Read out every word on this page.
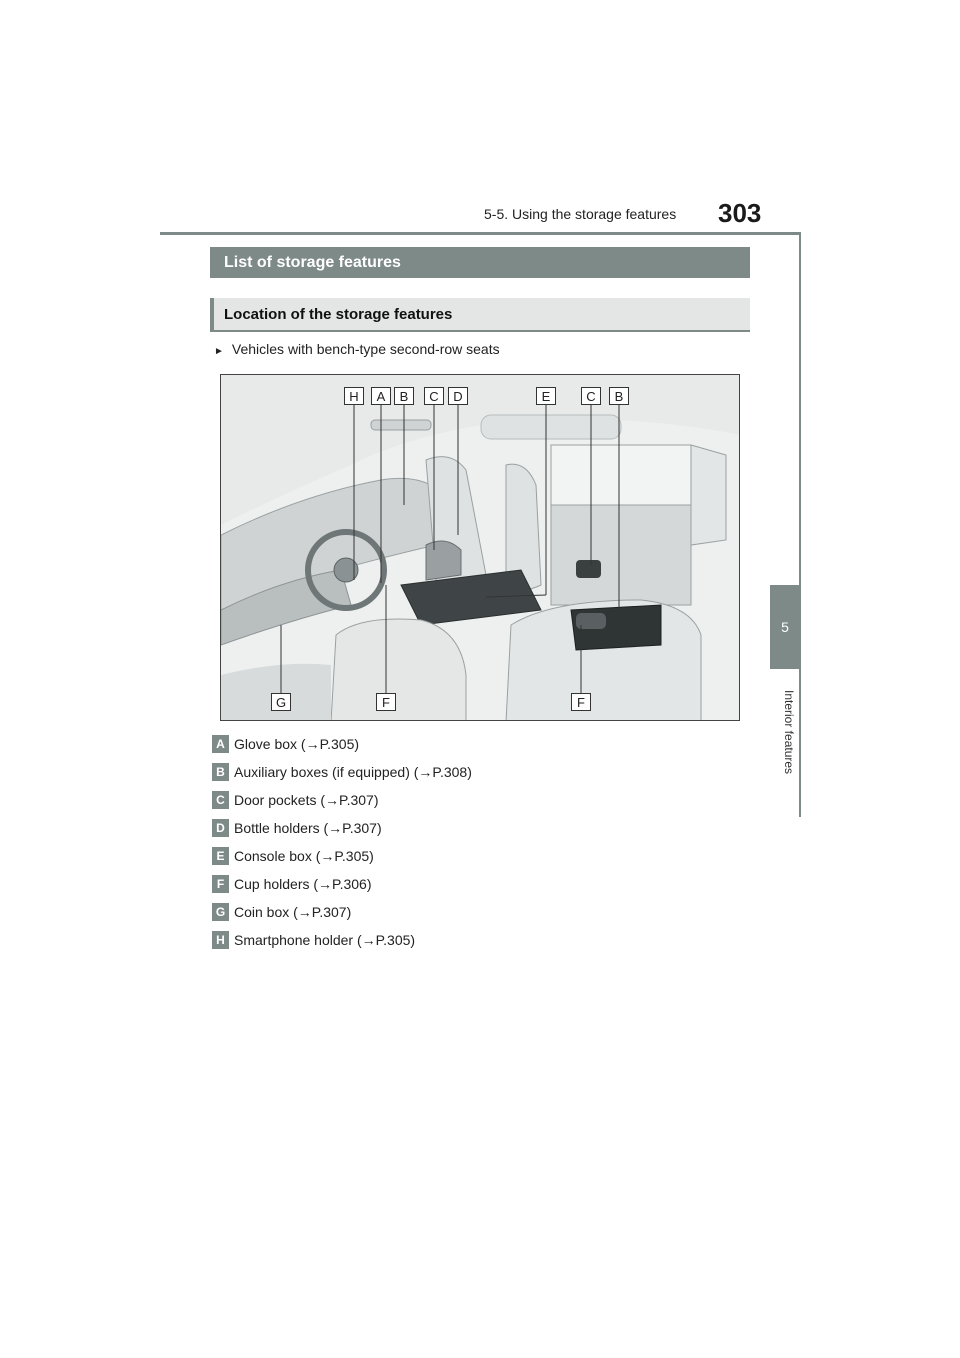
5-5. Using the storage features 303
5
Interior features
List of storage features
Location of the storage features
► Vehicles with bench-type second-row seats
H	A	B	C	D	E	C	B
G	F	F
A Glove box (→P.305)
B Auxiliary boxes (if equipped) (→P.308)
C Door pockets (→P.307)
D Bottle holders (→P.307)
E Console box (→P.305)
F Cup holders (→P.306)
G Coin box (→P.307)
H Smartphone holder (→P.305)
